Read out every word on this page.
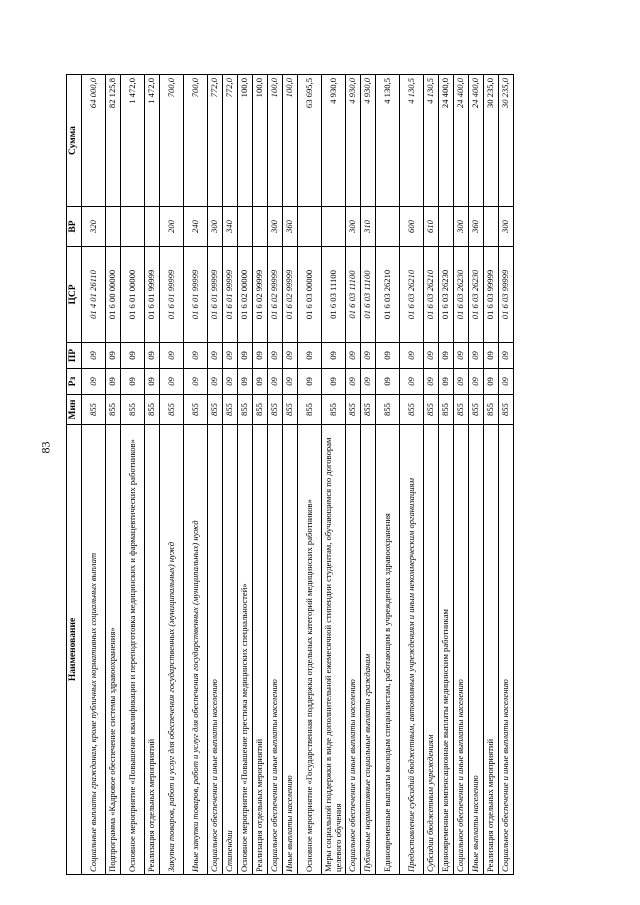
83
Наименование	Мин	Рз	ПР	ЦСР	ВР	Сумма
Социальные выплаты гражданам, кроме публичных нормативных социальных выплат	855	09	09	01 4 01 26110	320	64 000,0
Подпрограмма «Кадровое обеспечение системы здравоохранения»	855	09	09	01 6 00 00000		82 125,8
Основное мероприятие «Повышение квалификации и переподготовка медицинских и фармацевтических работников»	855	09	09	01 6 01 00000		1 472,0
Реализация отдельных мероприятий	855	09	09	01 6 01 99999		1 472,0
Закупка товаров, работ и услуг для обеспечения государственных (муниципальных) нужд	855	09	09	01 6 01 99999	200	700,0
Иные закупки товаров, работ и услуг для обеспечения государственных (муниципальных) нужд	855	09	09	01 6 01 99999	240	700,0
Социальное обеспечение и иные выплаты населению	855	09	09	01 6 01 99999	300	772,0
Стипендии	855	09	09	01 6 01 99999	340	772,0
Основное мероприятие «Повышение престижа медицинских специальностей»	855	09	09	01 6 02 00000		100,0
Реализация отдельных мероприятий	855	09	09	01 6 02 99999		100,0
Социальное обеспечение и иные выплаты населению	855	09	09	01 6 02 99999	300	100,0
Иные выплаты населению	855	09	09	01 6 02 99999	360	100,0
Основное мероприятие «Государственная поддержка отдельных категорий медицинских работников»	855	09	09	01 6 03 00000		63 695,5
Меры социальной поддержки в виде дополнительной ежемесячной стипендии студентам, обучающимся по договорам целевого обучения	855	09	09	01 6 03 11100		4 930,0
Социальное обеспечение и иные выплаты населению	855	09	09	01 6 03 11100	300	4 930,0
Публичные нормативные социальные выплаты гражданам	855	09	09	01 6 03 11100	310	4 930,0
Единовременные выплаты молодым специалистам, работающим в учреждениях здравоохранения	855	09	09	01 6 03 26210		4 130,5
Предоставление субсидий бюджетным, автономным учреждениям и иным некоммерческим организациям	855	09	09	01 6 03 26210	600	4 130,5
Субсидии бюджетным учреждениям	855	09	09	01 6 03 26210	610	4 130,5
Единовременные компенсационные выплаты медицинским работникам	855	09	09	01 6 03 26230		24 400,0
Социальное обеспечение и иные выплаты населению	855	09	09	01 6 03 26230	300	24 400,0
Иные выплаты населению	855	09	09	01 6 03 26230	360	24 400,0
Реализация отдельных мероприятий	855	09	09	01 6 03 99999		30 235,0
Социальное обеспечение и иные выплаты населению	855	09	09	01 6 03 99999	300	30 235,0
